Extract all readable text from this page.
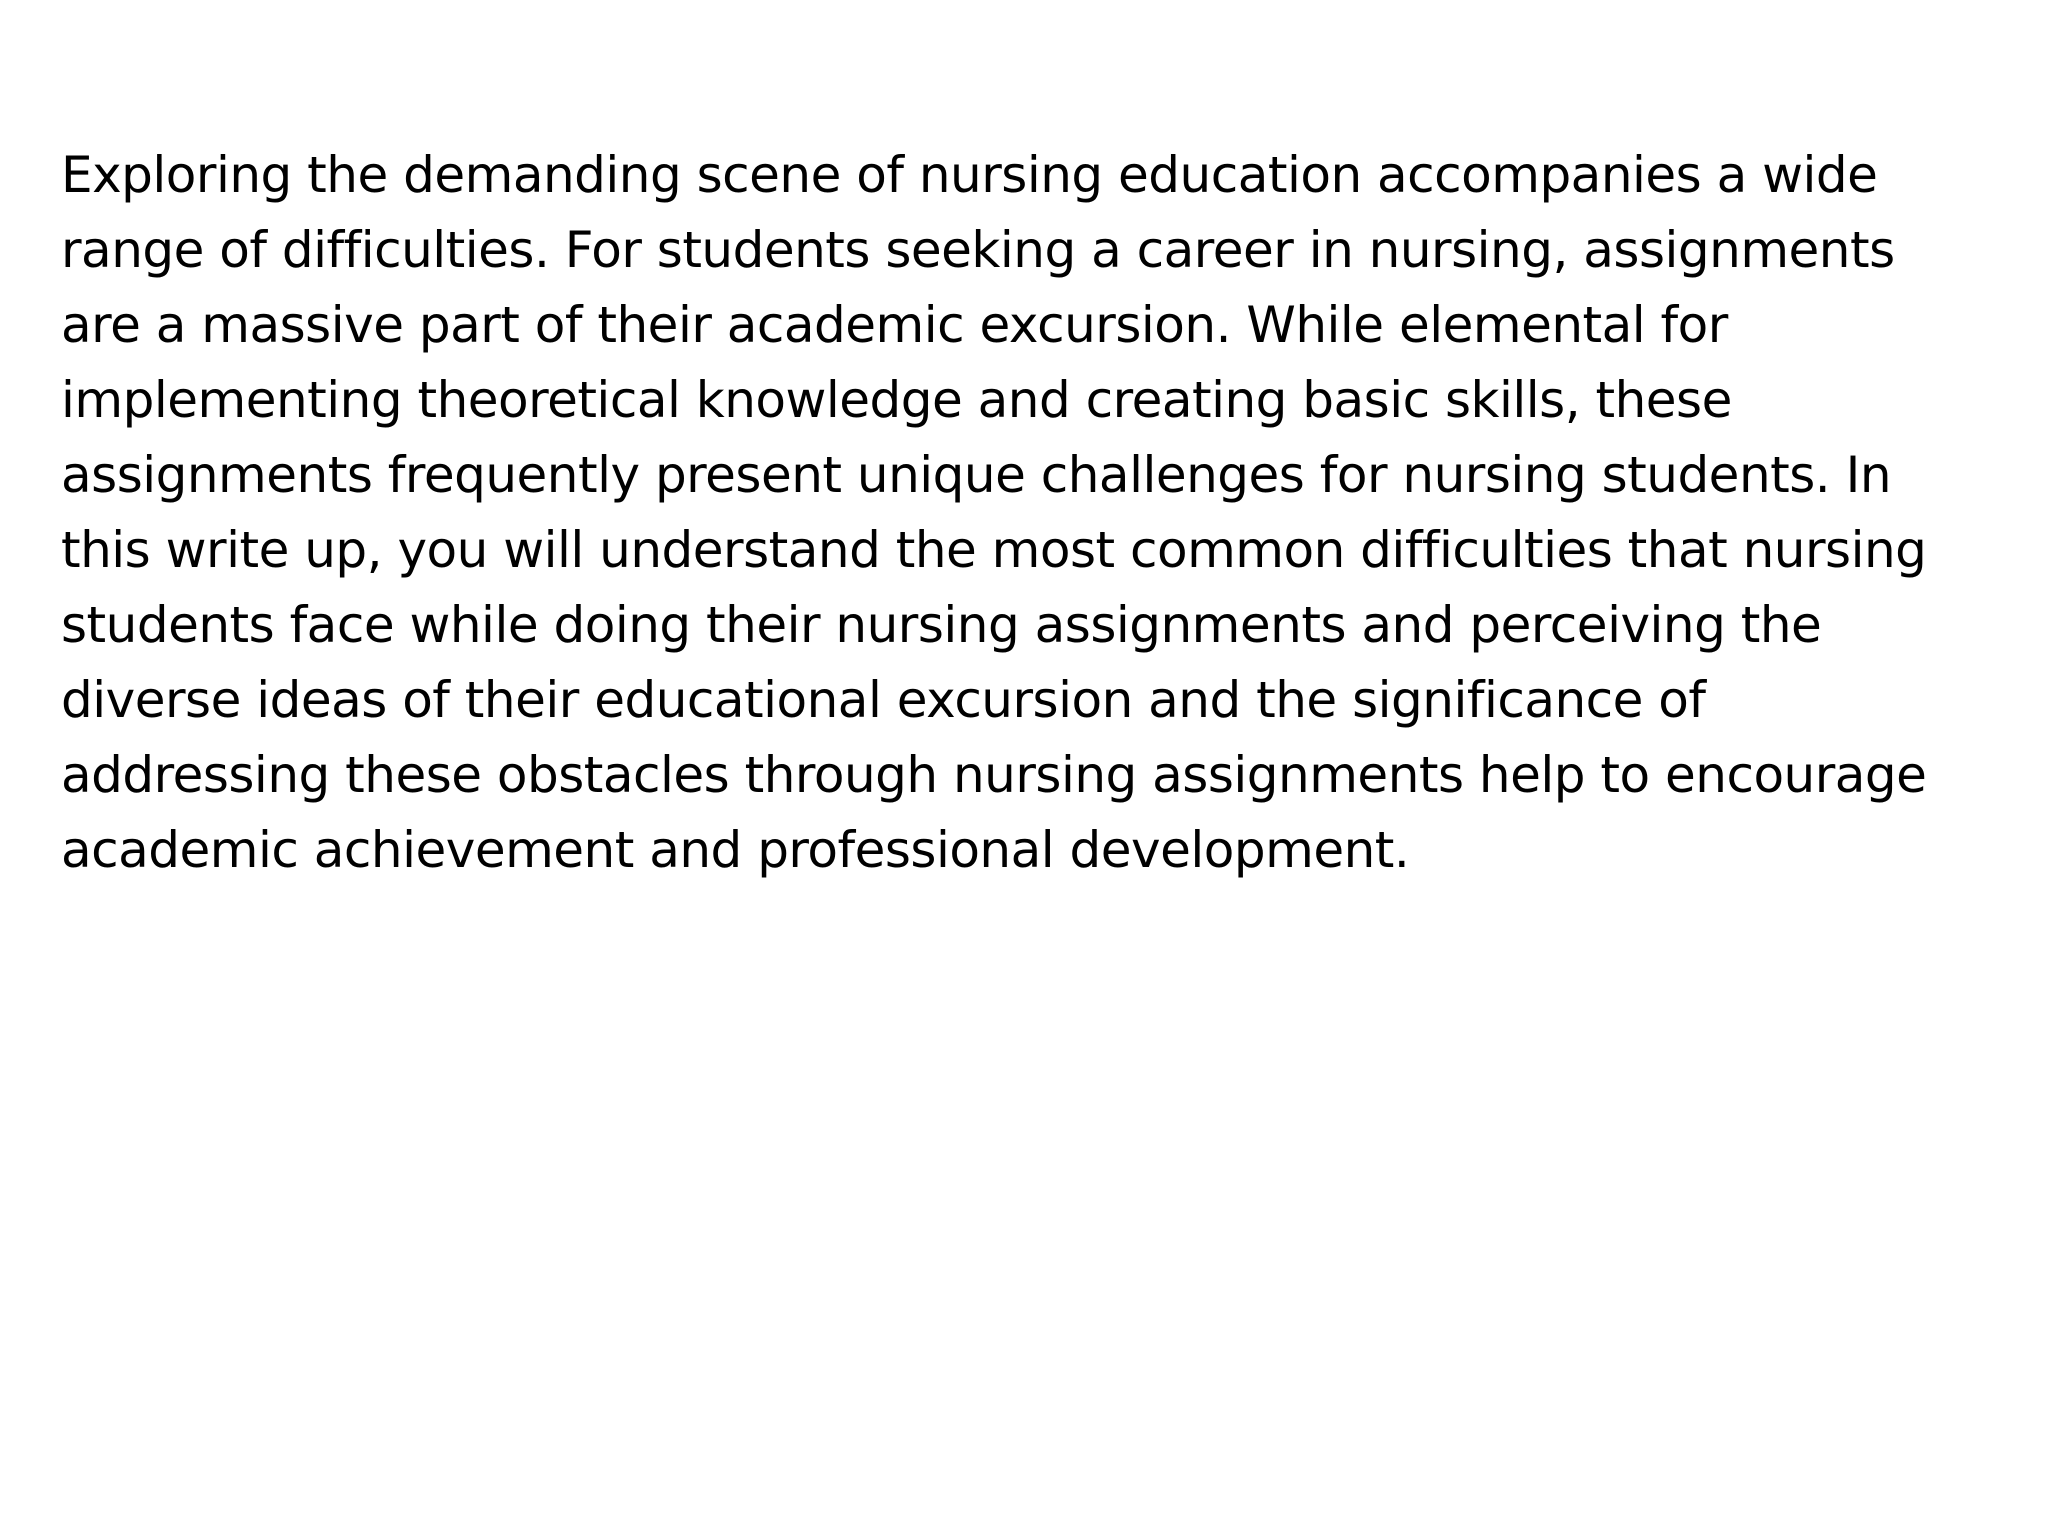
Exploring the demanding scene of nursing education accompanies a wide
range of difficulties. For students seeking a career in nursing, assignments
are a massive part of their academic excursion. While elemental for
implementing theoretical knowledge and creating basic skills, these
assignments frequently present unique challenges for nursing students. In
this write up, you will understand the most common difficulties that nursing
students face while doing their nursing assignments and perceiving the
diverse ideas of their educational excursion and the significance of
addressing these obstacles through nursing assignments help to encourage
academic achievement and professional development.
